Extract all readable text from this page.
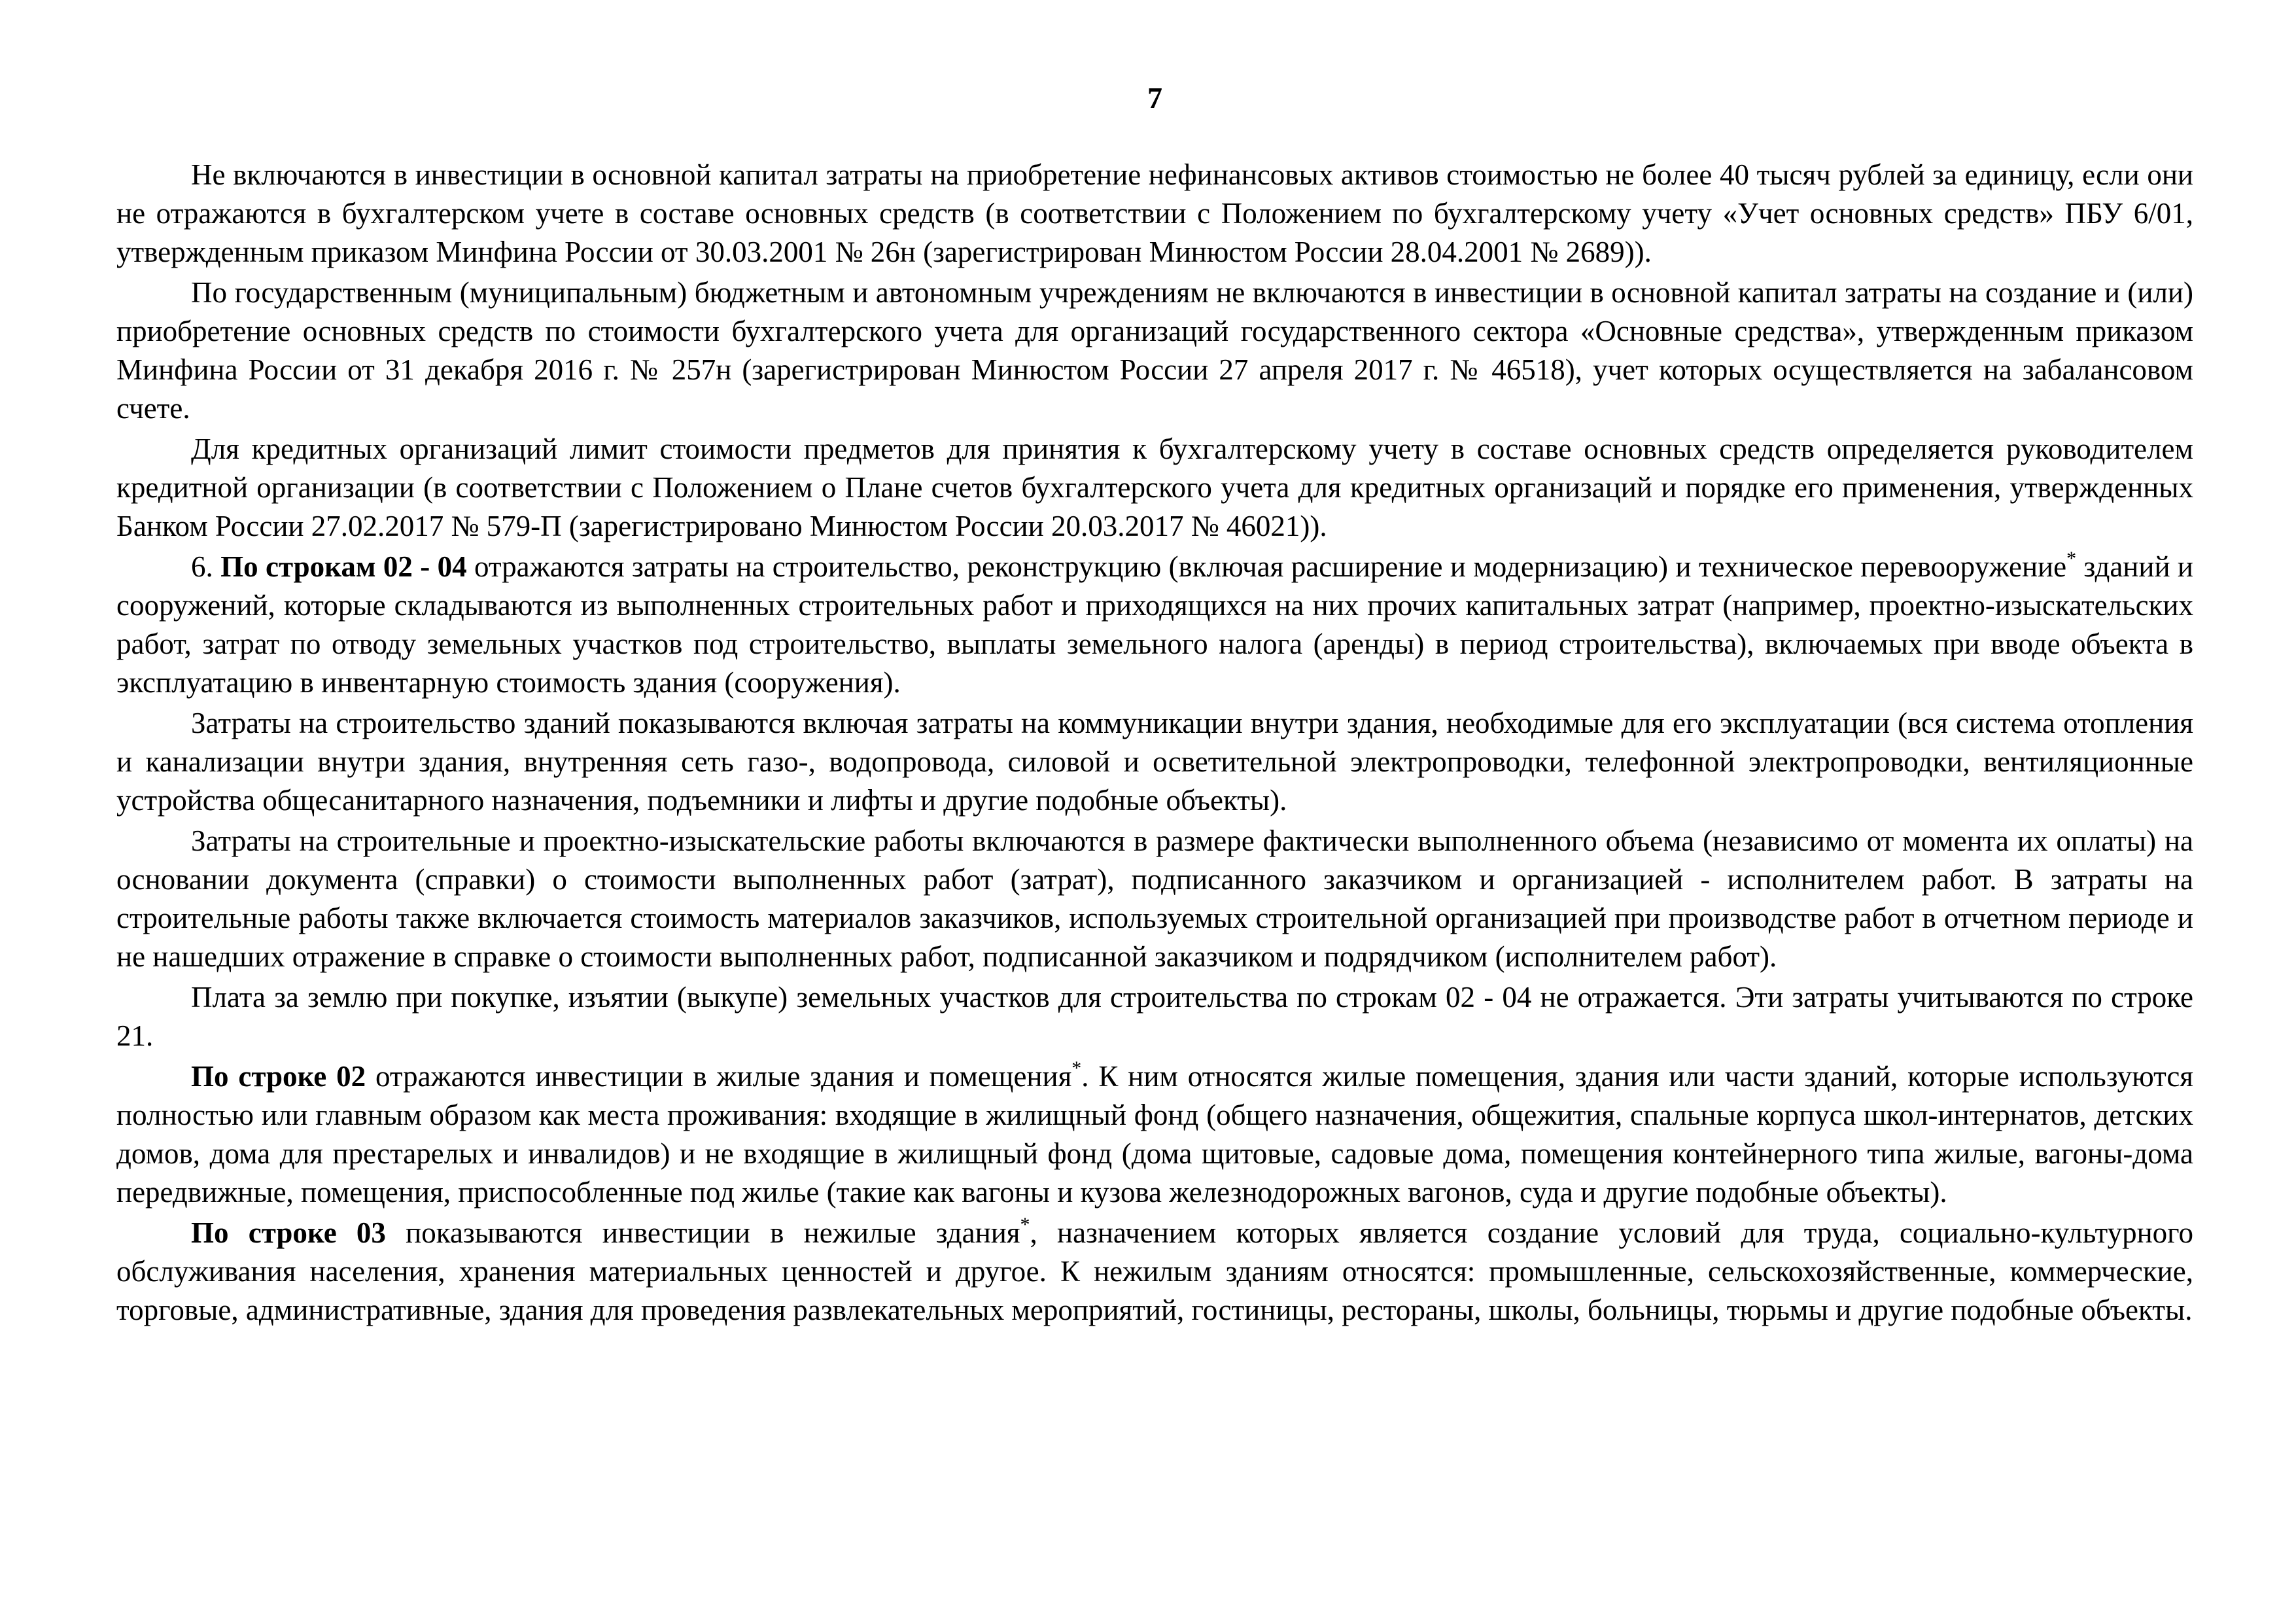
7

Не включаются в инвестиции в основной капитал затраты на приобретение нефинансовых активов стоимостью не более 40 тысяч рублей за единицу, если они не отражаются в бухгалтерском учете в составе основных средств (в соответствии с Положением по бухгалтерскому учету «Учет основных средств» ПБУ 6/01, утвержденным приказом Минфина России от 30.03.2001 № 26н (зарегистрирован Минюстом России 28.04.2001 № 2689)).

По государственным (муниципальным) бюджетным и автономным учреждениям не включаются в инвестиции в основной капитал затраты на создание и (или) приобретение основных средств по стоимости бухгалтерского учета для организаций государственного сектора «Основные средства», утвержденным приказом Минфина России от 31 декабря 2016 г. № 257н (зарегистрирован Минюстом России 27 апреля 2017 г. № 46518), учет которых осуществляется на забалансовом счете.

Для кредитных организаций лимит стоимости предметов для принятия к бухгалтерскому учету в составе основных средств определяется руководителем кредитной организации (в соответствии с Положением о Плане счетов бухгалтерского учета для кредитных организаций и порядке его применения, утвержденных Банком России 27.02.2017 № 579-П (зарегистрировано Минюстом России 20.03.2017 № 46021)).

6. По строкам 02 - 04 отражаются затраты на строительство, реконструкцию (включая расширение и модернизацию) и техническое перевооружение* зданий и сооружений, которые складываются из выполненных строительных работ и приходящихся на них прочих капитальных затрат (например, проектно-изыскательских работ, затрат по отводу земельных участков под строительство, выплаты земельного налога (аренды) в период строительства), включаемых при вводе объекта в эксплуатацию в инвентарную стоимость здания (сооружения).

Затраты на строительство зданий показываются включая затраты на коммуникации внутри здания, необходимые для его эксплуатации (вся система отопления и канализации внутри здания, внутренняя сеть газо-, водопровода, силовой и осветительной электропроводки, телефонной электропроводки, вентиляционные устройства общесанитарного назначения, подъемники и лифты и другие подобные объекты).

Затраты на строительные и проектно-изыскательские работы включаются в размере фактически выполненного объема (независимо от момента их оплаты) на основании документа (справки) о стоимости выполненных работ (затрат), подписанного заказчиком и организацией - исполнителем работ. В затраты на строительные работы также включается стоимость материалов заказчиков, используемых строительной организацией при производстве работ в отчетном периоде и не нашедших отражение в справке о стоимости выполненных работ, подписанной заказчиком и подрядчиком (исполнителем работ).

Плата за землю при покупке, изъятии (выкупе) земельных участков для строительства по строкам 02 - 04 не отражается. Эти затраты учитываются по строке 21.

По строке 02 отражаются инвестиции в жилые здания и помещения*. К ним относятся жилые помещения, здания или части зданий, которые используются полностью или главным образом как места проживания: входящие в жилищный фонд (общего назначения, общежития, спальные корпуса школ-интернатов, детских домов, дома для престарелых и инвалидов) и не входящие в жилищный фонд (дома щитовые, садовые дома, помещения контейнерного типа жилые, вагоны-дома передвижные, помещения, приспособленные под жилье (такие как вагоны и кузова железнодорожных вагонов, суда и другие подобные объекты).

По строке 03 показываются инвестиции в нежилые здания*, назначением которых является создание условий для труда, социально-культурного обслуживания населения, хранения материальных ценностей и другое. К нежилым зданиям относятся: промышленные, сельскохозяйственные, коммерческие, торговые, административные, здания для проведения развлекательных мероприятий, гостиницы, рестораны, школы, больницы, тюрьмы и другие подобные объекты.
